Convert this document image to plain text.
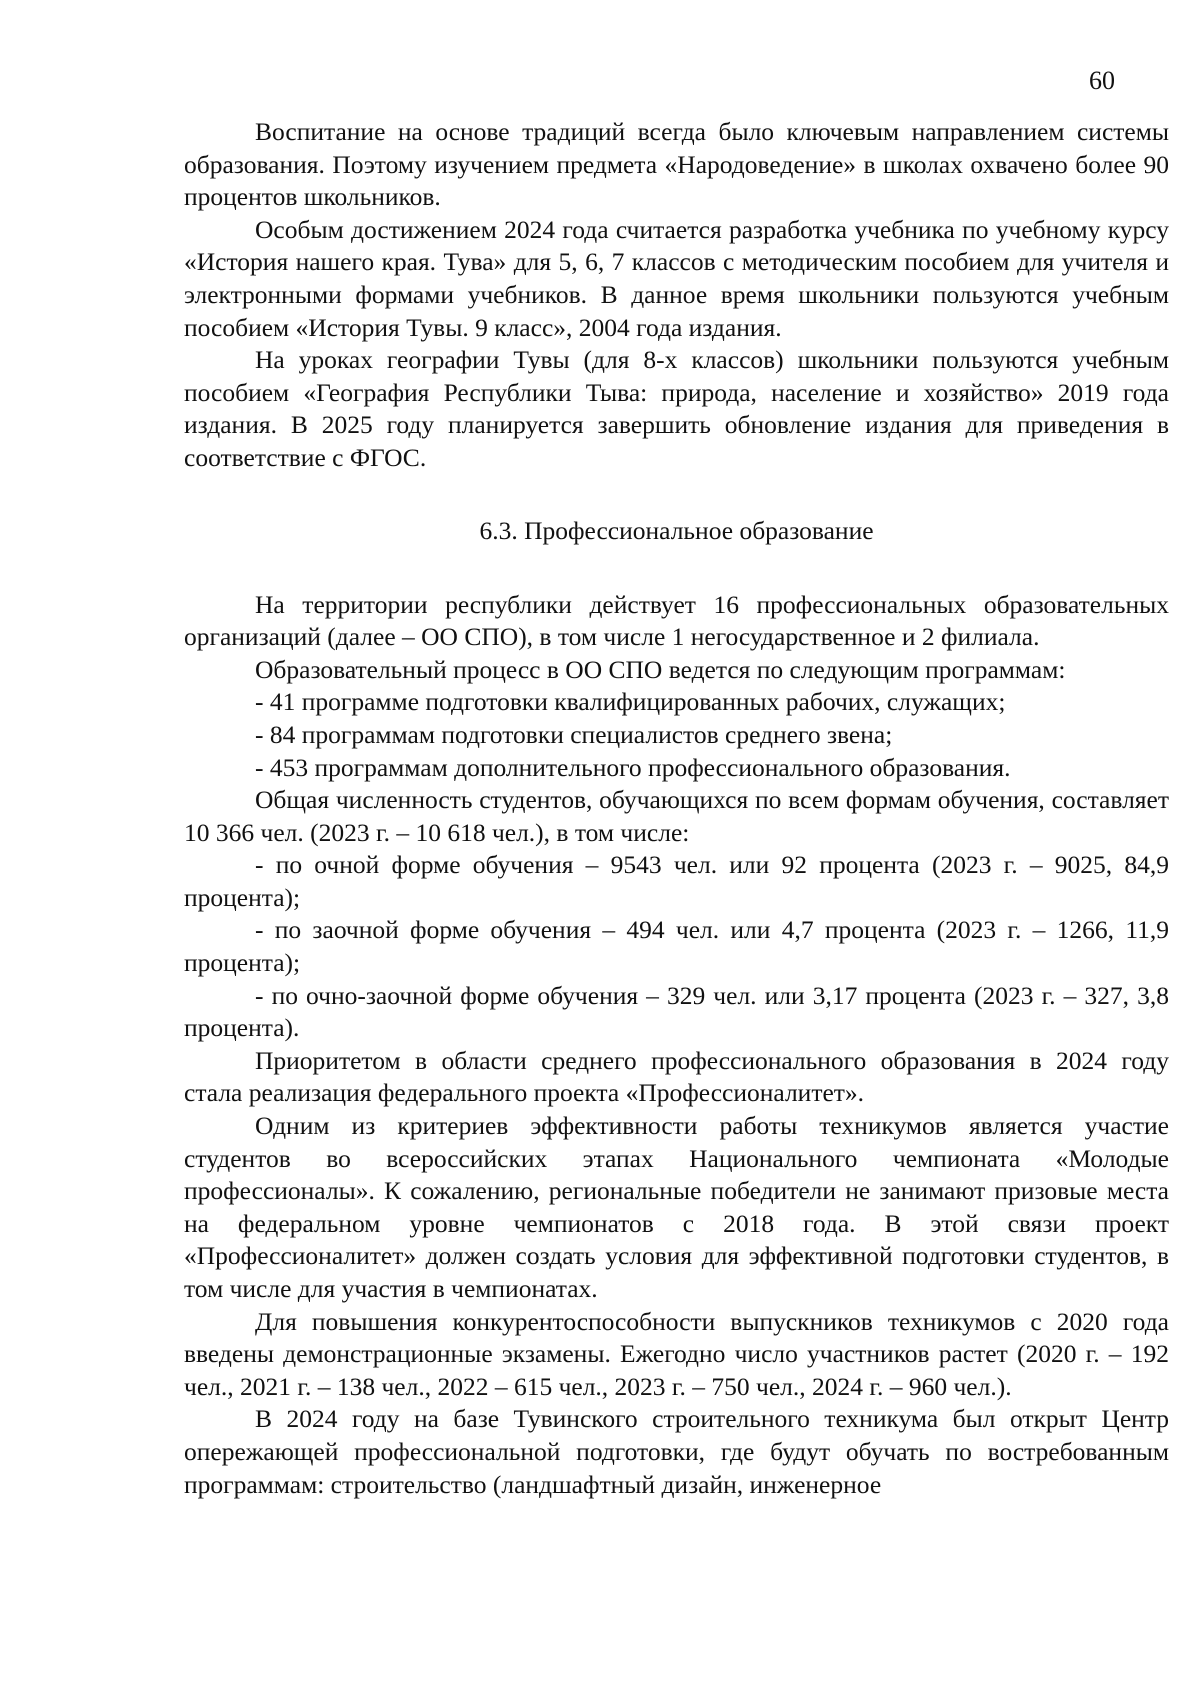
60

Воспитание на основе традиций всегда было ключевым направлением системы образования. Поэтому изучением предмета «Народоведение» в школах охвачено более 90 процентов школьников.

Особым достижением 2024 года считается разработка учебника по учебному курсу «История нашего края. Тува» для 5, 6, 7 классов с методическим пособием для учителя и электронными формами учебников. В данное время школьники пользуются учебным пособием «История Тувы. 9 класс», 2004 года издания.

На уроках географии Тувы (для 8-х классов) школьники пользуются учебным пособием «География Республики Тыва: природа, население и хозяйство» 2019 года издания. В 2025 году планируется завершить обновление издания для приведения в соответствие с ФГОС.

6.3. Профессиональное образование

На территории республики действует 16 профессиональных образовательных организаций (далее – ОО СПО), в том числе 1 негосударственное и 2 филиала.

Образовательный процесс в ОО СПО ведется по следующим программам:

- 41 программе подготовки квалифицированных рабочих, служащих;

- 84 программам подготовки специалистов среднего звена;

- 453 программам дополнительного профессионального образования.

Общая численность студентов, обучающихся по всем формам обучения, составляет 10 366 чел. (2023 г. – 10 618 чел.), в том числе:

- по очной форме обучения – 9543 чел. или 92 процента (2023 г. – 9025, 84,9 процента);

- по заочной форме обучения – 494 чел. или 4,7 процента (2023 г. – 1266, 11,9 процента);

- по очно-заочной форме обучения – 329 чел. или 3,17 процента (2023 г. – 327, 3,8 процента).

Приоритетом в области среднего профессионального образования в 2024 году стала реализация федерального проекта «Профессионалитет».

Одним из критериев эффективности работы техникумов является участие студентов во всероссийских этапах Национального чемпионата «Молодые профессионалы». К сожалению, региональные победители не занимают призовые места на федеральном уровне чемпионатов с 2018 года. В этой связи проект «Профессионалитет» должен создать условия для эффективной подготовки студентов, в том числе для участия в чемпионатах.

Для повышения конкурентоспособности выпускников техникумов с 2020 года введены демонстрационные экзамены. Ежегодно число участников растет (2020 г. – 192 чел., 2021 г. – 138 чел., 2022 – 615 чел., 2023 г. – 750 чел., 2024 г. – 960 чел.).

В 2024 году на базе Тувинского строительного техникума был открыт Центр опережающей профессиональной подготовки, где будут обучать по востребованным программам: строительство (ландшафтный дизайн, инженерное
